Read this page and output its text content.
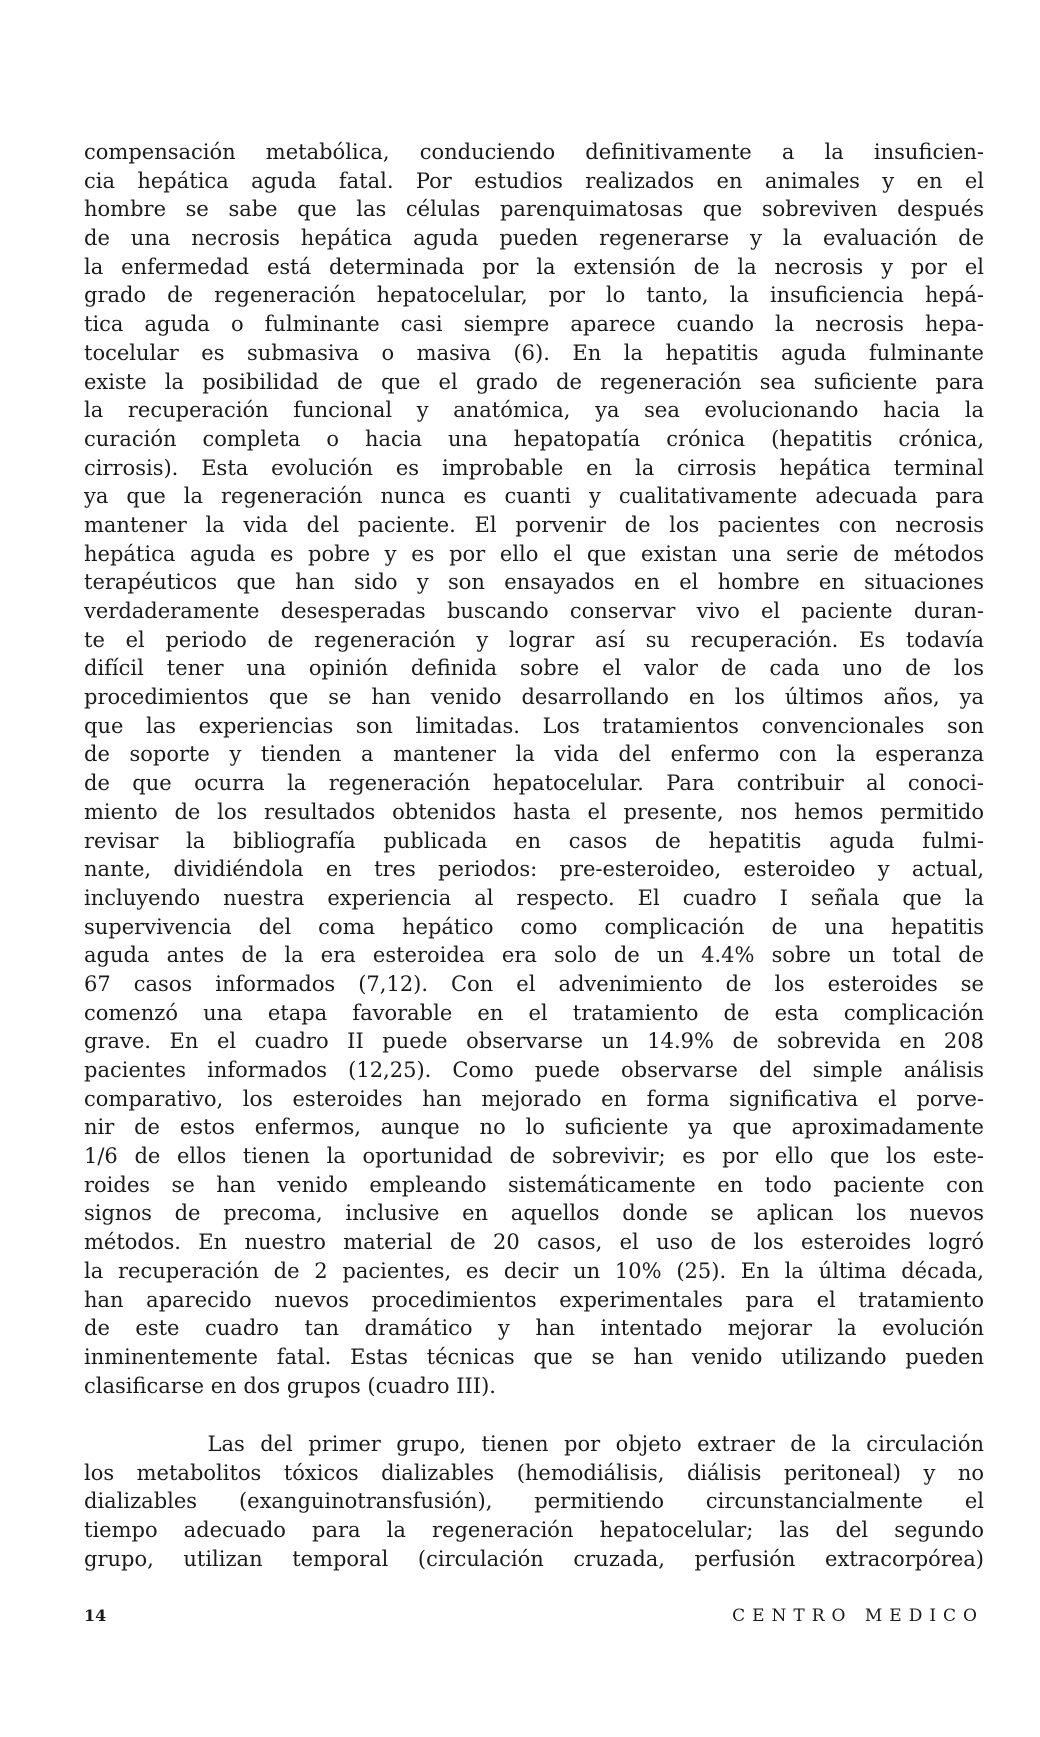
compensación metabólica, conduciendo definitivamente a la insuficien-
cia hepática aguda fatal. Por estudios realizados en animales y en el
hombre se sabe que las células parenquimatosas que sobreviven después
de una necrosis hepática aguda pueden regenerarse y la evaluación de
la enfermedad está determinada por la extensión de la necrosis y por el
grado de regeneración hepatocelular, por lo tanto, la insuficiencia hepá-
tica aguda o fulminante casi siempre aparece cuando la necrosis hepa-
tocelular es submasiva o masiva (6). En la hepatitis aguda fulminante
existe la posibilidad de que el grado de regeneración sea suficiente para
la recuperación funcional y anatómica, ya sea evolucionando hacia la
curación completa o hacia una hepatopatía crónica (hepatitis crónica,
cirrosis). Esta evolución es improbable en la cirrosis hepática terminal
ya que la regeneración nunca es cuanti y cualitativamente adecuada para
mantener la vida del paciente. El porvenir de los pacientes con necrosis
hepática aguda es pobre y es por ello el que existan una serie de métodos
terapéuticos que han sido y son ensayados en el hombre en situaciones
verdaderamente desesperadas buscando conservar vivo el paciente duran-
te el periodo de regeneración y lograr así su recuperación. Es todavía
difícil tener una opinión definida sobre el valor de cada uno de los
procedimientos que se han venido desarrollando en los últimos años, ya
que las experiencias son limitadas. Los tratamientos convencionales son
de soporte y tienden a mantener la vida del enfermo con la esperanza
de que ocurra la regeneración hepatocelular. Para contribuir al conoci-
miento de los resultados obtenidos hasta el presente, nos hemos permitido
revisar la bibliografía publicada en casos de hepatitis aguda fulmi-
nante, dividiéndola en tres periodos: pre-esteroideo, esteroideo y actual,
incluyendo nuestra experiencia al respecto. El cuadro I señala que la
supervivencia del coma hepático como complicación de una hepatitis
aguda antes de la era esteroidea era solo de un 4.4% sobre un total de
67 casos informados (7,12). Con el advenimiento de los esteroides se
comenzó una etapa favorable en el tratamiento de esta complicación
grave. En el cuadro II puede observarse un 14.9% de sobrevida en 208
pacientes informados (12,25). Como puede observarse del simple análisis
comparativo, los esteroides han mejorado en forma significativa el porve-
nir de estos enfermos, aunque no lo suficiente ya que aproximadamente
1/6 de ellos tienen la oportunidad de sobrevivir; es por ello que los este-
roides se han venido empleando sistemáticamente en todo paciente con
signos de precoma, inclusive en aquellos donde se aplican los nuevos
métodos. En nuestro material de 20 casos, el uso de los esteroides logró
la recuperación de 2 pacientes, es decir un 10% (25). En la última década,
han aparecido nuevos procedimientos experimentales para el tratamiento
de este cuadro tan dramático y han intentado mejorar la evolución
inminentemente fatal. Estas técnicas que se han venido utilizando pueden
clasificarse en dos grupos (cuadro III).
Las del primer grupo, tienen por objeto extraer de la circulación
los metabolitos tóxicos dializables (hemodiálisis, diálisis peritoneal) y no
dializables (exanguinotransfusión), permitiendo circunstancialmente el
tiempo adecuado para la regeneración hepatocelular; las del segundo
grupo, utilizan temporal (circulación cruzada, perfusión extracorpórea)
14	CENTRO MEDICO
